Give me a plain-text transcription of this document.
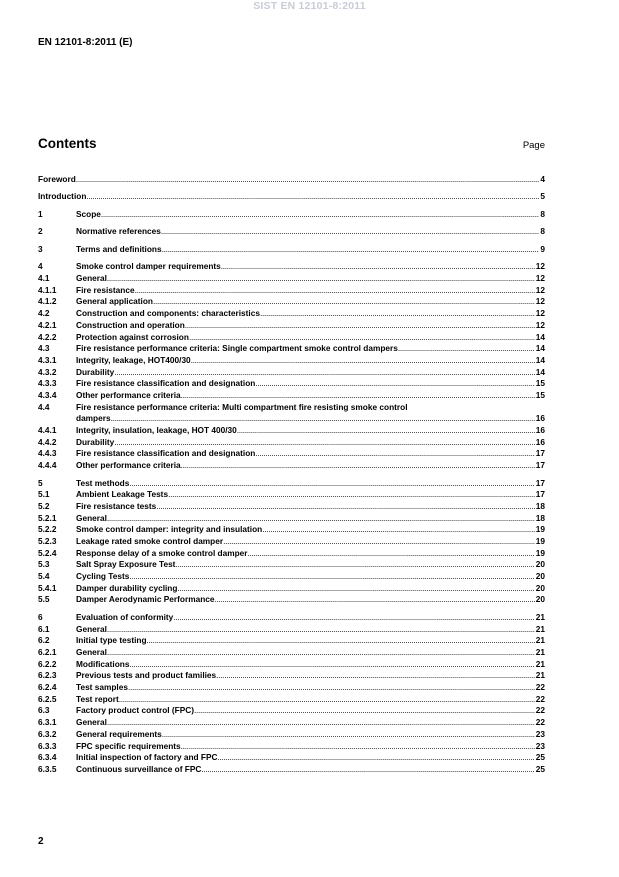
SIST EN 12101-8:2011
EN 12101-8:2011 (E)
Contents	Page
Foreword .....	4
Introduction .....	5
1	Scope .....	8
2	Normative references .....	8
3	Terms and definitions .....	9
4	Smoke control damper requirements .....	12
4.1	General .....	12
4.1.1 Fire resistance .....	12
4.1.2 General application .....	12
4.2	Construction and components: characteristics .....	12
4.2.1 Construction and operation .....	12
4.2.2 Protection against corrosion .....	14
4.3	Fire resistance performance criteria: Single compartment smoke control dampers .....	14
4.3.1 Integrity, leakage, HOT400/30 .....	14
4.3.2 Durability .....	14
4.3.3 Fire resistance classification and designation .....	15
4.3.4 Other performance criteria .....	15
4.4	Fire resistance performance criteria: Multi compartment fire resisting smoke control
dampers .....	16
4.4.1 Integrity, insulation, leakage, HOT 400/30 .....	16
4.4.2 Durability .....	16
4.4.3 Fire resistance classification and designation .....	17
4.4.4 Other performance criteria .....	17
5	Test methods .....	17
5.1	Ambient Leakage Tests .....	17
5.2	Fire resistance tests .....	18
5.2.1 General .....	18
5.2.2 Smoke control damper: integrity and insulation .....	19
5.2.3 Leakage rated smoke control damper .....	19
5.2.4 Response delay of a smoke control damper .....	19
5.3	Salt Spray Exposure Test .....	20
5.4	Cycling Tests .....	20
5.4.1 Damper durability cycling .....	20
5.5	Damper Aerodynamic Performance .....	20
6	Evaluation of conformity .....	21
6.1	General .....	21
6.2	Initial type testing .....	21
6.2.1 General .....	21
6.2.2 Modifications .....	21
6.2.3 Previous tests and product families .....	21
6.2.4 Test samples .....	22
6.2.5 Test report .....	22
6.3	Factory product control (FPC) .....	22
6.3.1 General .....	22
6.3.2 General requirements .....	23
6.3.3 FPC specific requirements .....	23
6.3.4 Initial inspection of factory and FPC .....	25
6.3.5 Continuous surveillance of FPC .....	25
2
